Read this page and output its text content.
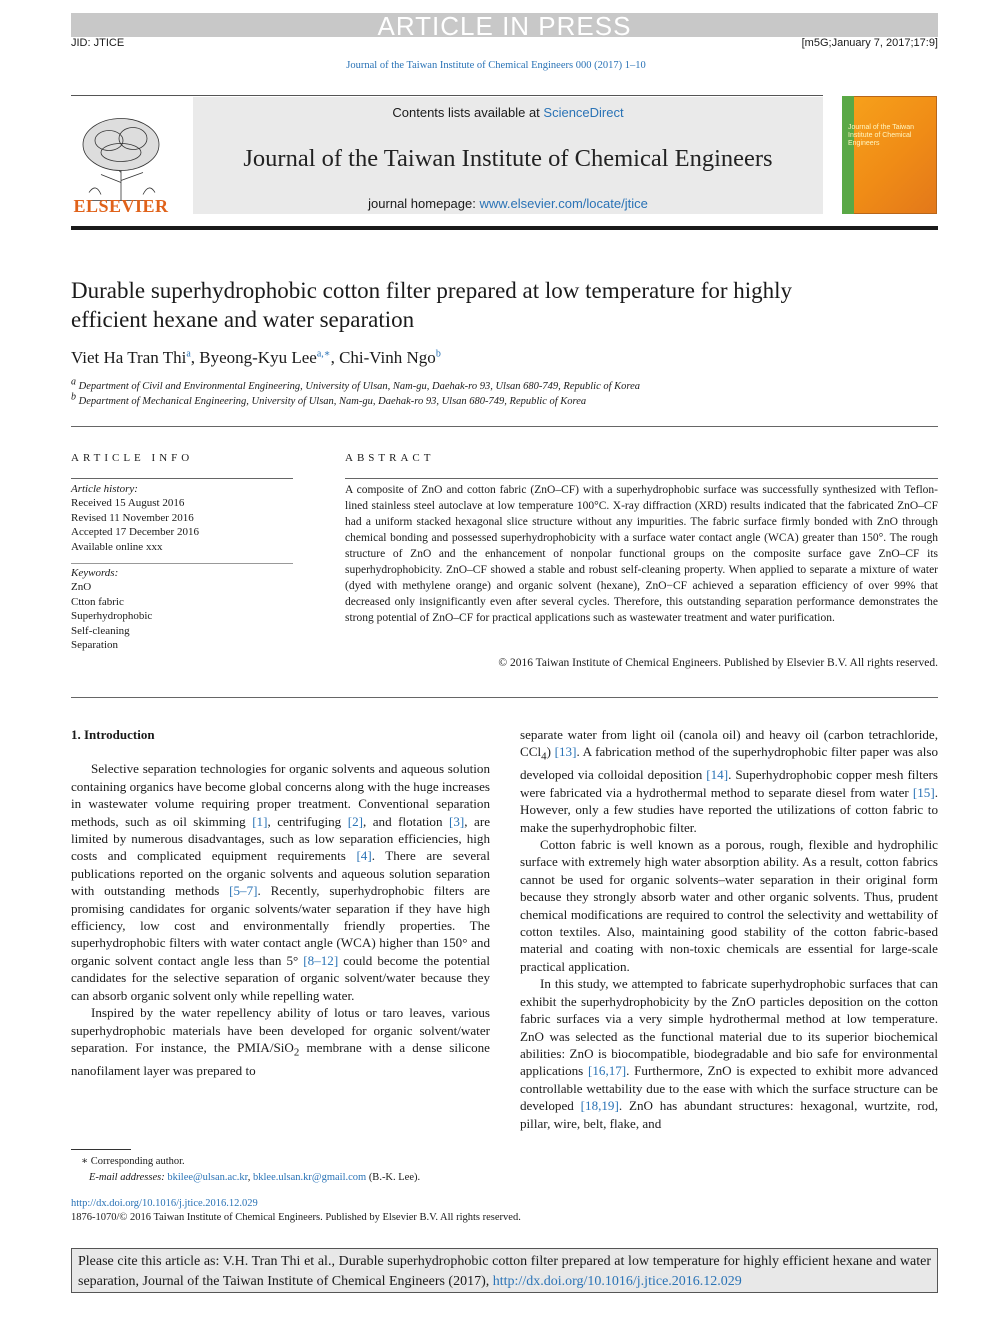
ARTICLE IN PRESS
JID: JTICE	[m5G;January 7, 2017;17:9]
Journal of the Taiwan Institute of Chemical Engineers 000 (2017) 1–10
ELSEVIER
Contents lists available at ScienceDirect
Journal of the Taiwan Institute of Chemical Engineers
journal homepage: www.elsevier.com/locate/jtice
Journal of the Taiwan Institute of Chemical Engineers
Durable superhydrophobic cotton filter prepared at low temperature for highly efficient hexane and water separation
Viet Ha Tran Thi$^a$, Byeong-Kyu Lee$^{a,∗}$, Chi-Vinh Ngo$^b$
$^a$ Department of Civil and Environmental Engineering, University of Ulsan, Nam-gu, Daehak-ro 93, Ulsan 680-749, Republic of Korea
$^b$ Department of Mechanical Engineering, University of Ulsan, Nam-gu, Daehak-ro 93, Ulsan 680-749, Republic of Korea
ARTICLE INFO	ABSTRACT
Article history:
Received 15 August 2016
Revised 11 November 2016
Accepted 17 December 2016
Available online xxx
Keywords:
ZnO
Ctton fabric
Superhydrophobic
Self-cleaning
Separation
A composite of ZnO and cotton fabric (ZnO–CF) with a superhydrophobic surface was successfully synthesized with Teflon-lined stainless steel autoclave at low temperature 100°C. X-ray diffraction (XRD) results indicated that the fabricated ZnO–CF had a uniform stacked hexagonal slice structure without any impurities. The fabric surface firmly bonded with ZnO through chemical bonding and possessed superhydrophobicity with a surface water contact angle (WCA) greater than 150°. The rough structure of ZnO and the enhancement of nonpolar functional groups on the composite surface gave ZnO–CF its superhydrophobicity. ZnO–CF showed a stable and robust self-cleaning property. When applied to separate a mixture of water (dyed with methylene orange) and organic solvent (hexane), ZnO−CF achieved a separation efficiency of over 99% that decreased only insignificantly even after several cycles. Therefore, this outstanding separation performance demonstrates the strong potential of ZnO–CF for practical applications such as wastewater treatment and water purification.
© 2016 Taiwan Institute of Chemical Engineers. Published by Elsevier B.V. All rights reserved.

1. Introduction

Selective separation technologies for organic solvents and aqueous solution containing organics have become global concerns along with the huge increases in wastewater volume requiring proper treatment. Conventional separation methods, such as oil skimming [1], centrifuging [2], and flotation [3], are limited by numerous disadvantages, such as low separation efficiencies, high costs and complicated equipment requirements [4]. There are several publications reported on the organic solvents and aqueous solution separation with outstanding methods [5–7]. Recently, superhydrophobic filters are promising candidates for organic solvents/water separation if they have high efficiency, low cost and environmentally friendly properties. The superhydrophobic filters with water contact angle (WCA) higher than 150° and organic solvent contact angle less than 5° [8–12] could become the potential candidates for the selective separation of organic solvent/water because they can absorb organic solvent only while repelling water.

Inspired by the water repellency ability of lotus or taro leaves, various superhydrophobic materials have been developed for organic solvent/water separation. For instance, the PMIA/SiO$_2$ membrane with a dense silicone nanofilament layer was prepared to

separate water from light oil (canola oil) and heavy oil (carbon tetrachloride, CCl$_4$) [13]. A fabrication method of the superhydrophobic filter paper was also developed via colloidal deposition [14]. Superhydrophobic copper mesh filters were fabricated via a hydrothermal method to separate diesel from water [15]. However, only a few studies have reported the utilizations of cotton fabric to make the superhydrophobic filter.

Cotton fabric is well known as a porous, rough, flexible and hydrophilic surface with extremely high water absorption ability. As a result, cotton fabrics cannot be used for organic solvents–water separation in their original form because they strongly absorb water and other organic solvents. Thus, prudent chemical modifications are required to control the selectivity and wettability of cotton textiles. Also, maintaining good stability of the cotton fabric-based material and coating with non-toxic chemicals are essential for large-scale practical application.

In this study, we attempted to fabricate superhydrophobic surfaces that can exhibit the superhydrophobicity by the ZnO particles deposition on the cotton fabric surfaces via a very simple hydrothermal method at low temperature. ZnO was selected as the functional material due to its superior biochemical abilities: ZnO is biocompatible, biodegradable and bio safe for environmental applications [16,17]. Furthermore, ZnO is expected to exhibit more advanced controllable wettability due to the ease with which the surface structure can be developed [18,19]. ZnO has abundant structures: hexagonal, wurtzite, rod, pillar, wire, belt, flake, and

∗ Corresponding author.
E-mail addresses: bkilee@ulsan.ac.kr, bklee.ulsan.kr@gmail.com (B.-K. Lee).
http://dx.doi.org/10.1016/j.jtice.2016.12.029
1876-1070/© 2016 Taiwan Institute of Chemical Engineers. Published by Elsevier B.V. All rights reserved.
Please cite this article as: V.H. Tran Thi et al., Durable superhydrophobic cotton filter prepared at low temperature for highly efficient hexane and water separation, Journal of the Taiwan Institute of Chemical Engineers (2017), http://dx.doi.org/10.1016/j.jtice.2016.12.029
